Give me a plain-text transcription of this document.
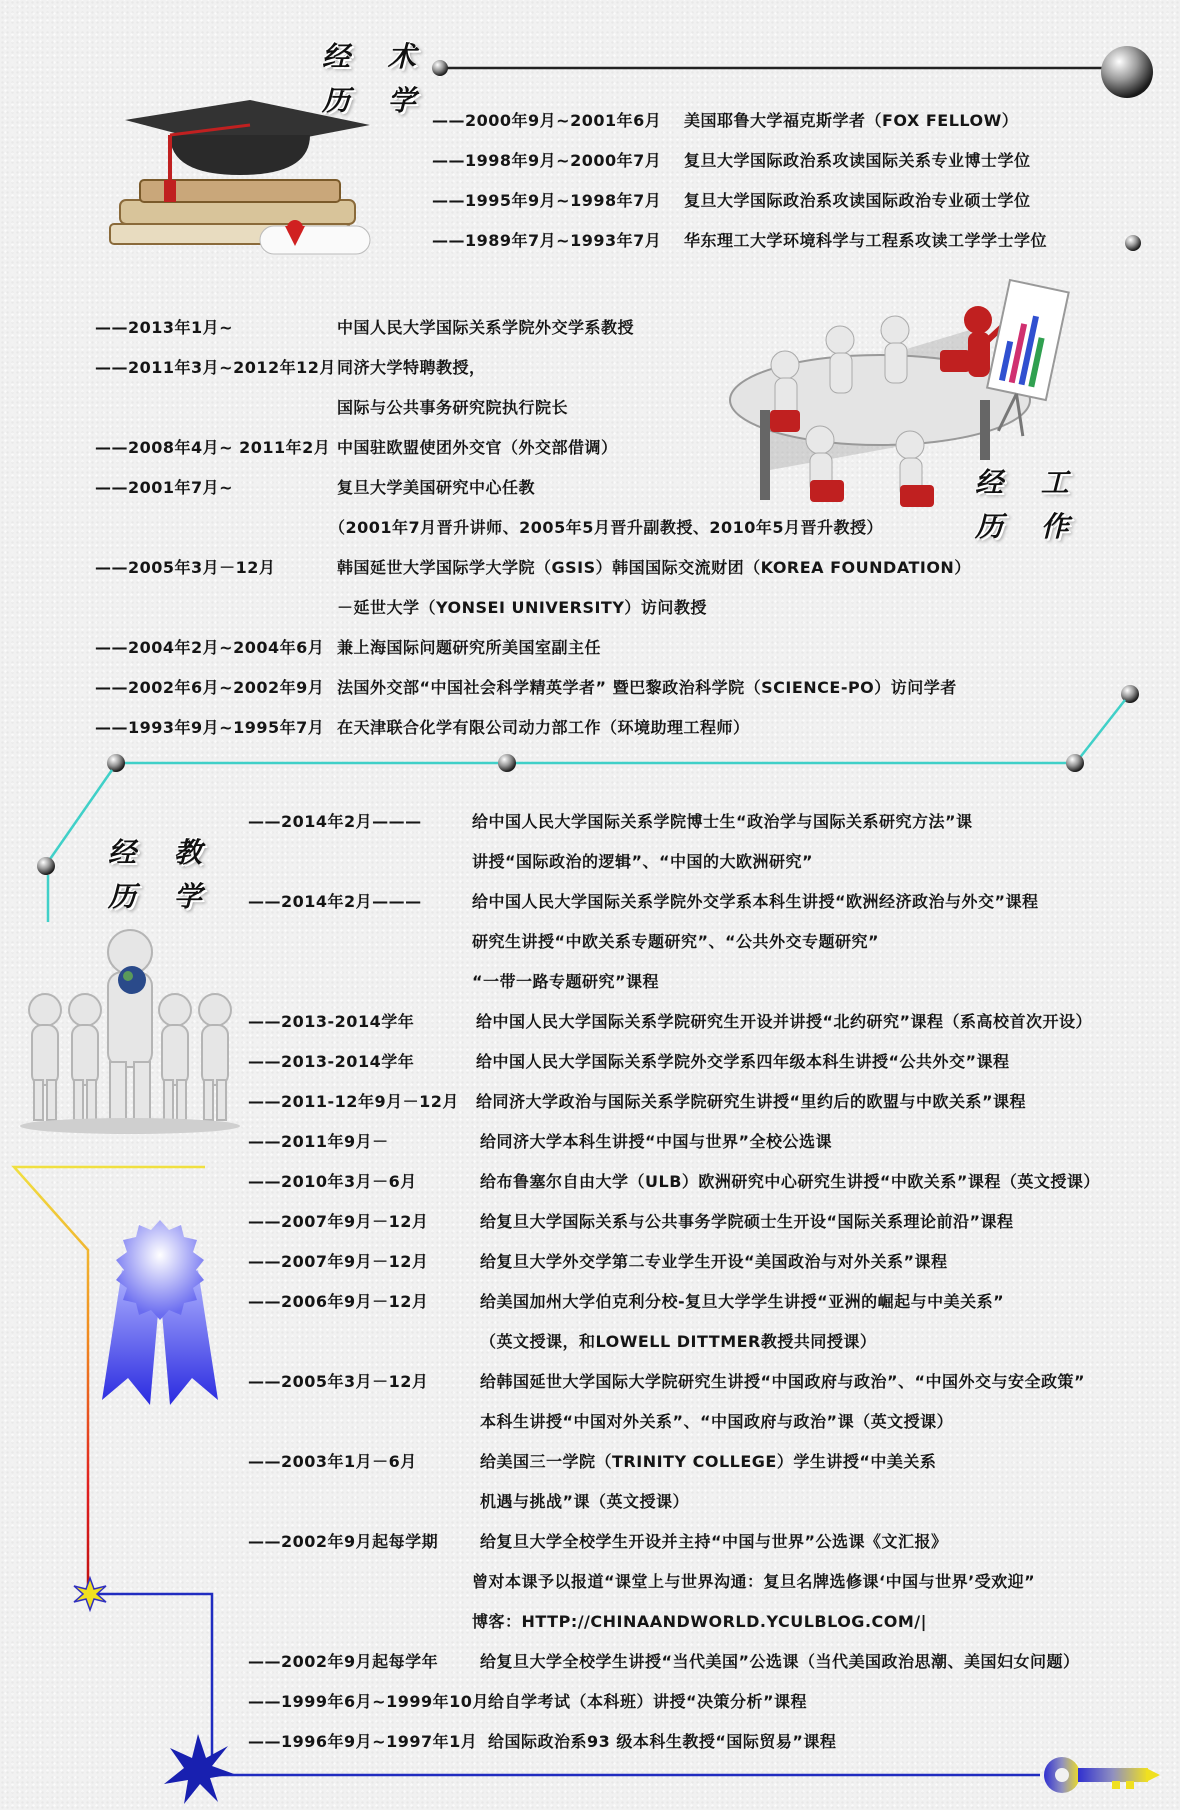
经 术
历 学
经 工
历 作
经 教
历 学
——2000年9月~2001年6月 美国耶鲁大学福克斯学者（FOX FELLOW）
——1998年9月~2000年7月 复旦大学国际政治系攻读国际关系专业博士学位
——1995年9月~1998年7月 复旦大学国际政治系攻读国际政治专业硕士学位
——1989年7月~1993年7月 华东理工大学环境科学与工程系攻读工学学士学位
——2013年1月~	中国人民大学国际关系学院外交学系教授
——2011年3月~2012年12月 同济大学特聘教授，
国际与公共事务研究院执行院长
——2008年4月~ 2011年2月 中国驻欧盟使团外交官（外交部借调）
——2001年7月~	复旦大学美国研究中心任教
（2001年7月晋升讲师、2005年5月晋升副教授、2010年5月晋升教授）
——2005年3月－12月	韩国延世大学国际学大学院（GSIS）韩国国际交流财团（KOREA FOUNDATION）
－延世大学（YONSEI UNIVERSITY）访问教授
——2004年2月~2004年6月 兼上海国际问题研究所美国室副主任
——2002年6月~2002年9月 法国外交部“中国社会科学精英学者” 暨巴黎政治科学院（SCIENCE-PO）访问学者
——1993年9月~1995年7月 在天津联合化学有限公司动力部工作（环境助理工程师）
——2014年2月———	给中国人民大学国际关系学院博士生“政治学与国际关系研究方法”课
讲授“国际政治的逻辑”、“中国的大欧洲研究”
——2014年2月———	给中国人民大学国际关系学院外交学系本科生讲授“欧洲经济政治与外交”课程
研究生讲授“中欧关系专题研究”、“公共外交专题研究”
“一带一路专题研究”课程
——2013-2014学年	给中国人民大学国际关系学院研究生开设并讲授“北约研究”课程（系高校首次开设）
——2013-2014学年	给中国人民大学国际关系学院外交学系四年级本科生讲授“公共外交”课程
——2011-12年9月－12月 给同济大学政治与国际关系学院研究生讲授“里约后的欧盟与中欧关系”课程
——2011年9月－	给同济大学本科生讲授“中国与世界”全校公选课
——2010年3月－6月	给布鲁塞尔自由大学（ULB）欧洲研究中心研究生讲授“中欧关系”课程（英文授课）
——2007年9月－12月	给复旦大学国际关系与公共事务学院硕士生开设“国际关系理论前沿”课程
——2007年9月－12月	给复旦大学外交学第二专业学生开设“美国政治与对外关系”课程
——2006年9月－12月	给美国加州大学伯克利分校-复旦大学学生讲授“亚洲的崛起与中美关系”
（英文授课，和LOWELL DITTMER教授共同授课）
——2005年3月－12月	给韩国延世大学国际大学院研究生讲授“中国政府与政治”、“中国外交与安全政策”
本科生讲授“中国对外关系”、“中国政府与政治”课（英文授课）
——2003年1月－6月	给美国三一学院（TRINITY COLLEGE）学生讲授“中美关系
机遇与挑战”课（英文授课）
——2002年9月起每学期	给复旦大学全校学生开设并主持“中国与世界”公选课《文汇报》
曾对本课予以报道“课堂上与世界沟通：复旦名牌选修课‘中国与世界’受欢迎”
博客：HTTP://CHINAANDWORLD.YCULBLOG.COM/|
——2002年9月起每学年	给复旦大学全校学生讲授“当代美国”公选课（当代美国政治思潮、美国妇女问题）
——1999年6月~1999年10月 给自学考试（本科班）讲授“决策分析”课程
——1996年9月~1997年1月 给国际政治系93 级本科生教授“国际贸易”课程
